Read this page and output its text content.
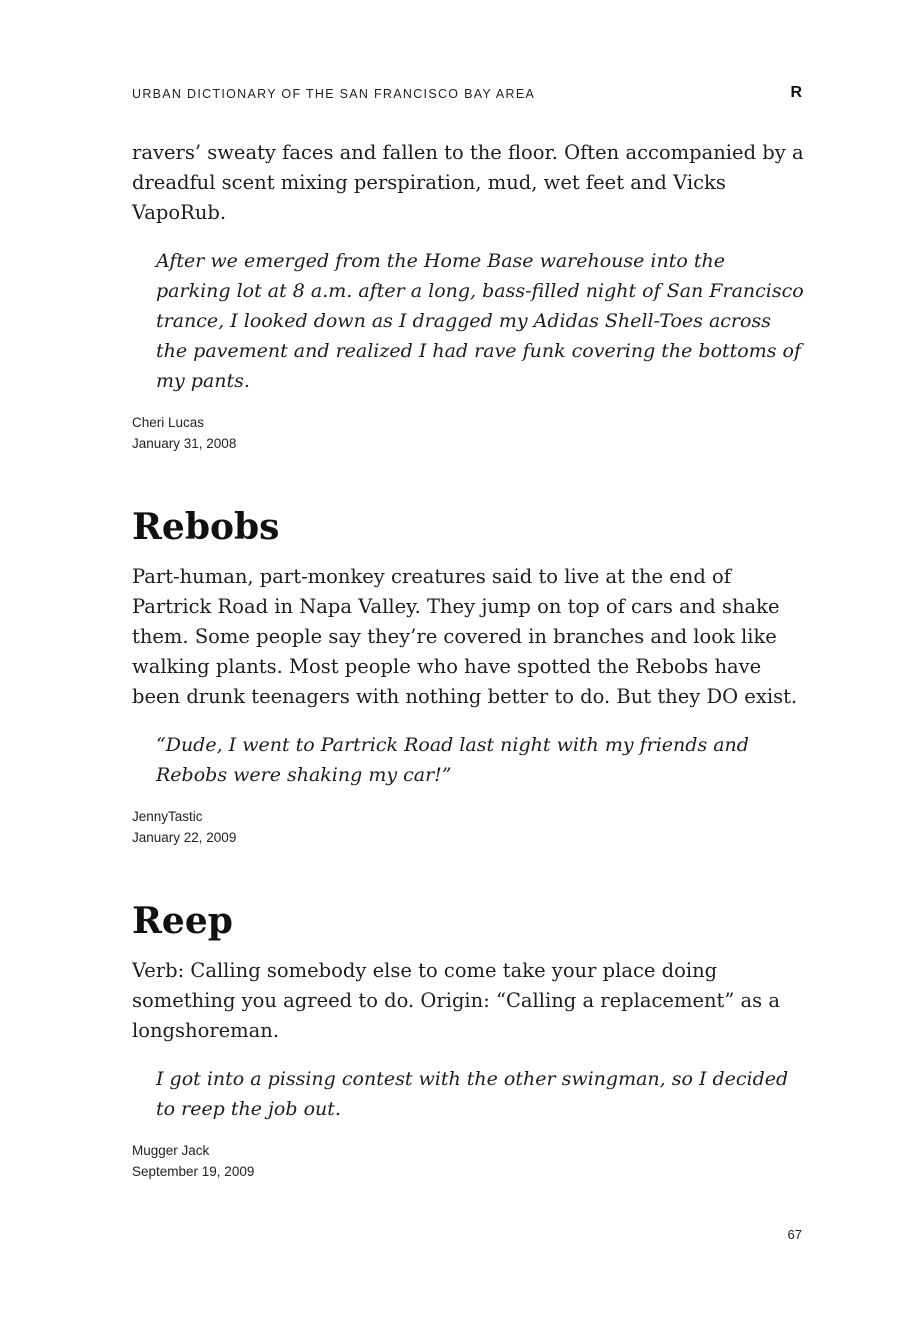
URBAN DICTIONARY OF THE SAN FRANCISCO BAY AREA	R

ravers’ sweaty faces and fallen to the floor. Often accompanied by a dreadful scent mixing perspiration, mud, wet feet and Vicks VapoRub.

After we emerged from the Home Base warehouse into the parking lot at 8 a.m. after a long, bass-filled night of San Francisco trance, I looked down as I dragged my Adidas Shell-Toes across the pavement and realized I had rave funk covering the bottoms of my pants.

Cheri Lucas
January 31, 2008
Rebobs

Part-human, part-monkey creatures said to live at the end of Partrick Road in Napa Valley. They jump on top of cars and shake them. Some people say they’re covered in branches and look like walking plants. Most people who have spotted the Rebobs have been drunk teenagers with nothing better to do. But they DO exist.

“Dude, I went to Partrick Road last night with my friends and Rebobs were shaking my car!”

JennyTastic
January 22, 2009
Reep

Verb: Calling somebody else to come take your place doing something you agreed to do. Origin: “Calling a replacement” as a longshoreman.

I got into a pissing contest with the other swingman, so I decided to reep the job out.

Mugger Jack
September 19, 2009
67
